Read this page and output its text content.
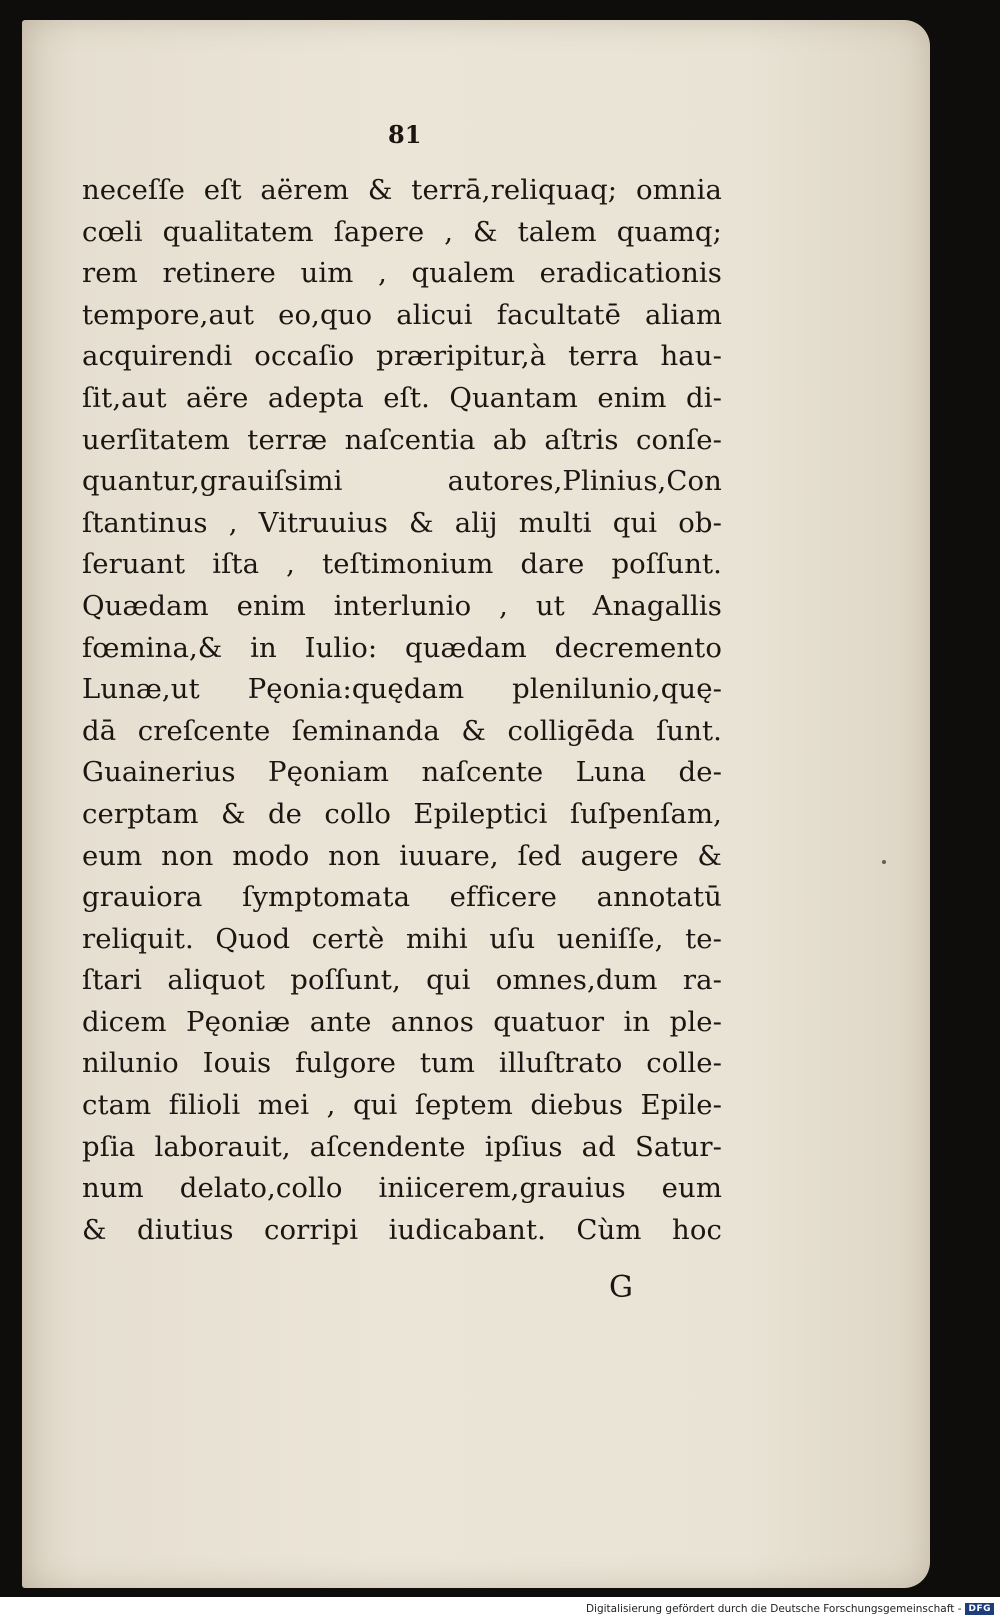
81
neceſſe eſt aërem & terrā,reliquaq; omnia
cœli qualitatem ſapere , & talem quamq;
rem retinere uim , qualem eradicationis
tempore,aut eo,quo alicui facultatē aliam
acquirendi occaſio præripitur,à terra hau-
ſit,aut aëre adepta eſt. Quantam enim di-
uerſitatem terræ naſcentia ab aſtris conſe-
quantur,grauiſsimi autores,Plinius,Con
ſtantinus , Vitruuius & alij multi qui ob-
ſeruant iſta , teſtimonium dare poſſunt.
Quædam enim interlunio , ut Anagallis
fœmina,& in Iulio: quædam decremento
Lunæ,ut Pęonia:quędam plenilunio,quę-
dā creſcente ſeminanda & colligēda ſunt.
Guainerius Pęoniam naſcente Luna de-
cerptam & de collo Epileptici ſuſpenſam,
eum non modo non iuuare, ſed augere &
grauiora ſymptomata efficere annotatū
reliquit. Quod certè mihi uſu ueniſſe, te-
ſtari aliquot poſſunt, qui omnes,dum ra-
dicem Pęoniæ ante annos quatuor in ple-
nilunio Iouis fulgore tum illuſtrato colle-
ctam filioli mei , qui ſeptem diebus Epile-
pſia laborauit, aſcendente ipſius ad Satur-
num delato,collo iniicerem,grauius eum
& diutius corripi iudicabant. Cùm hoc
G
Digitalisierung gefördert durch die Deutsche Forschungsgemeinschaft - DFG
